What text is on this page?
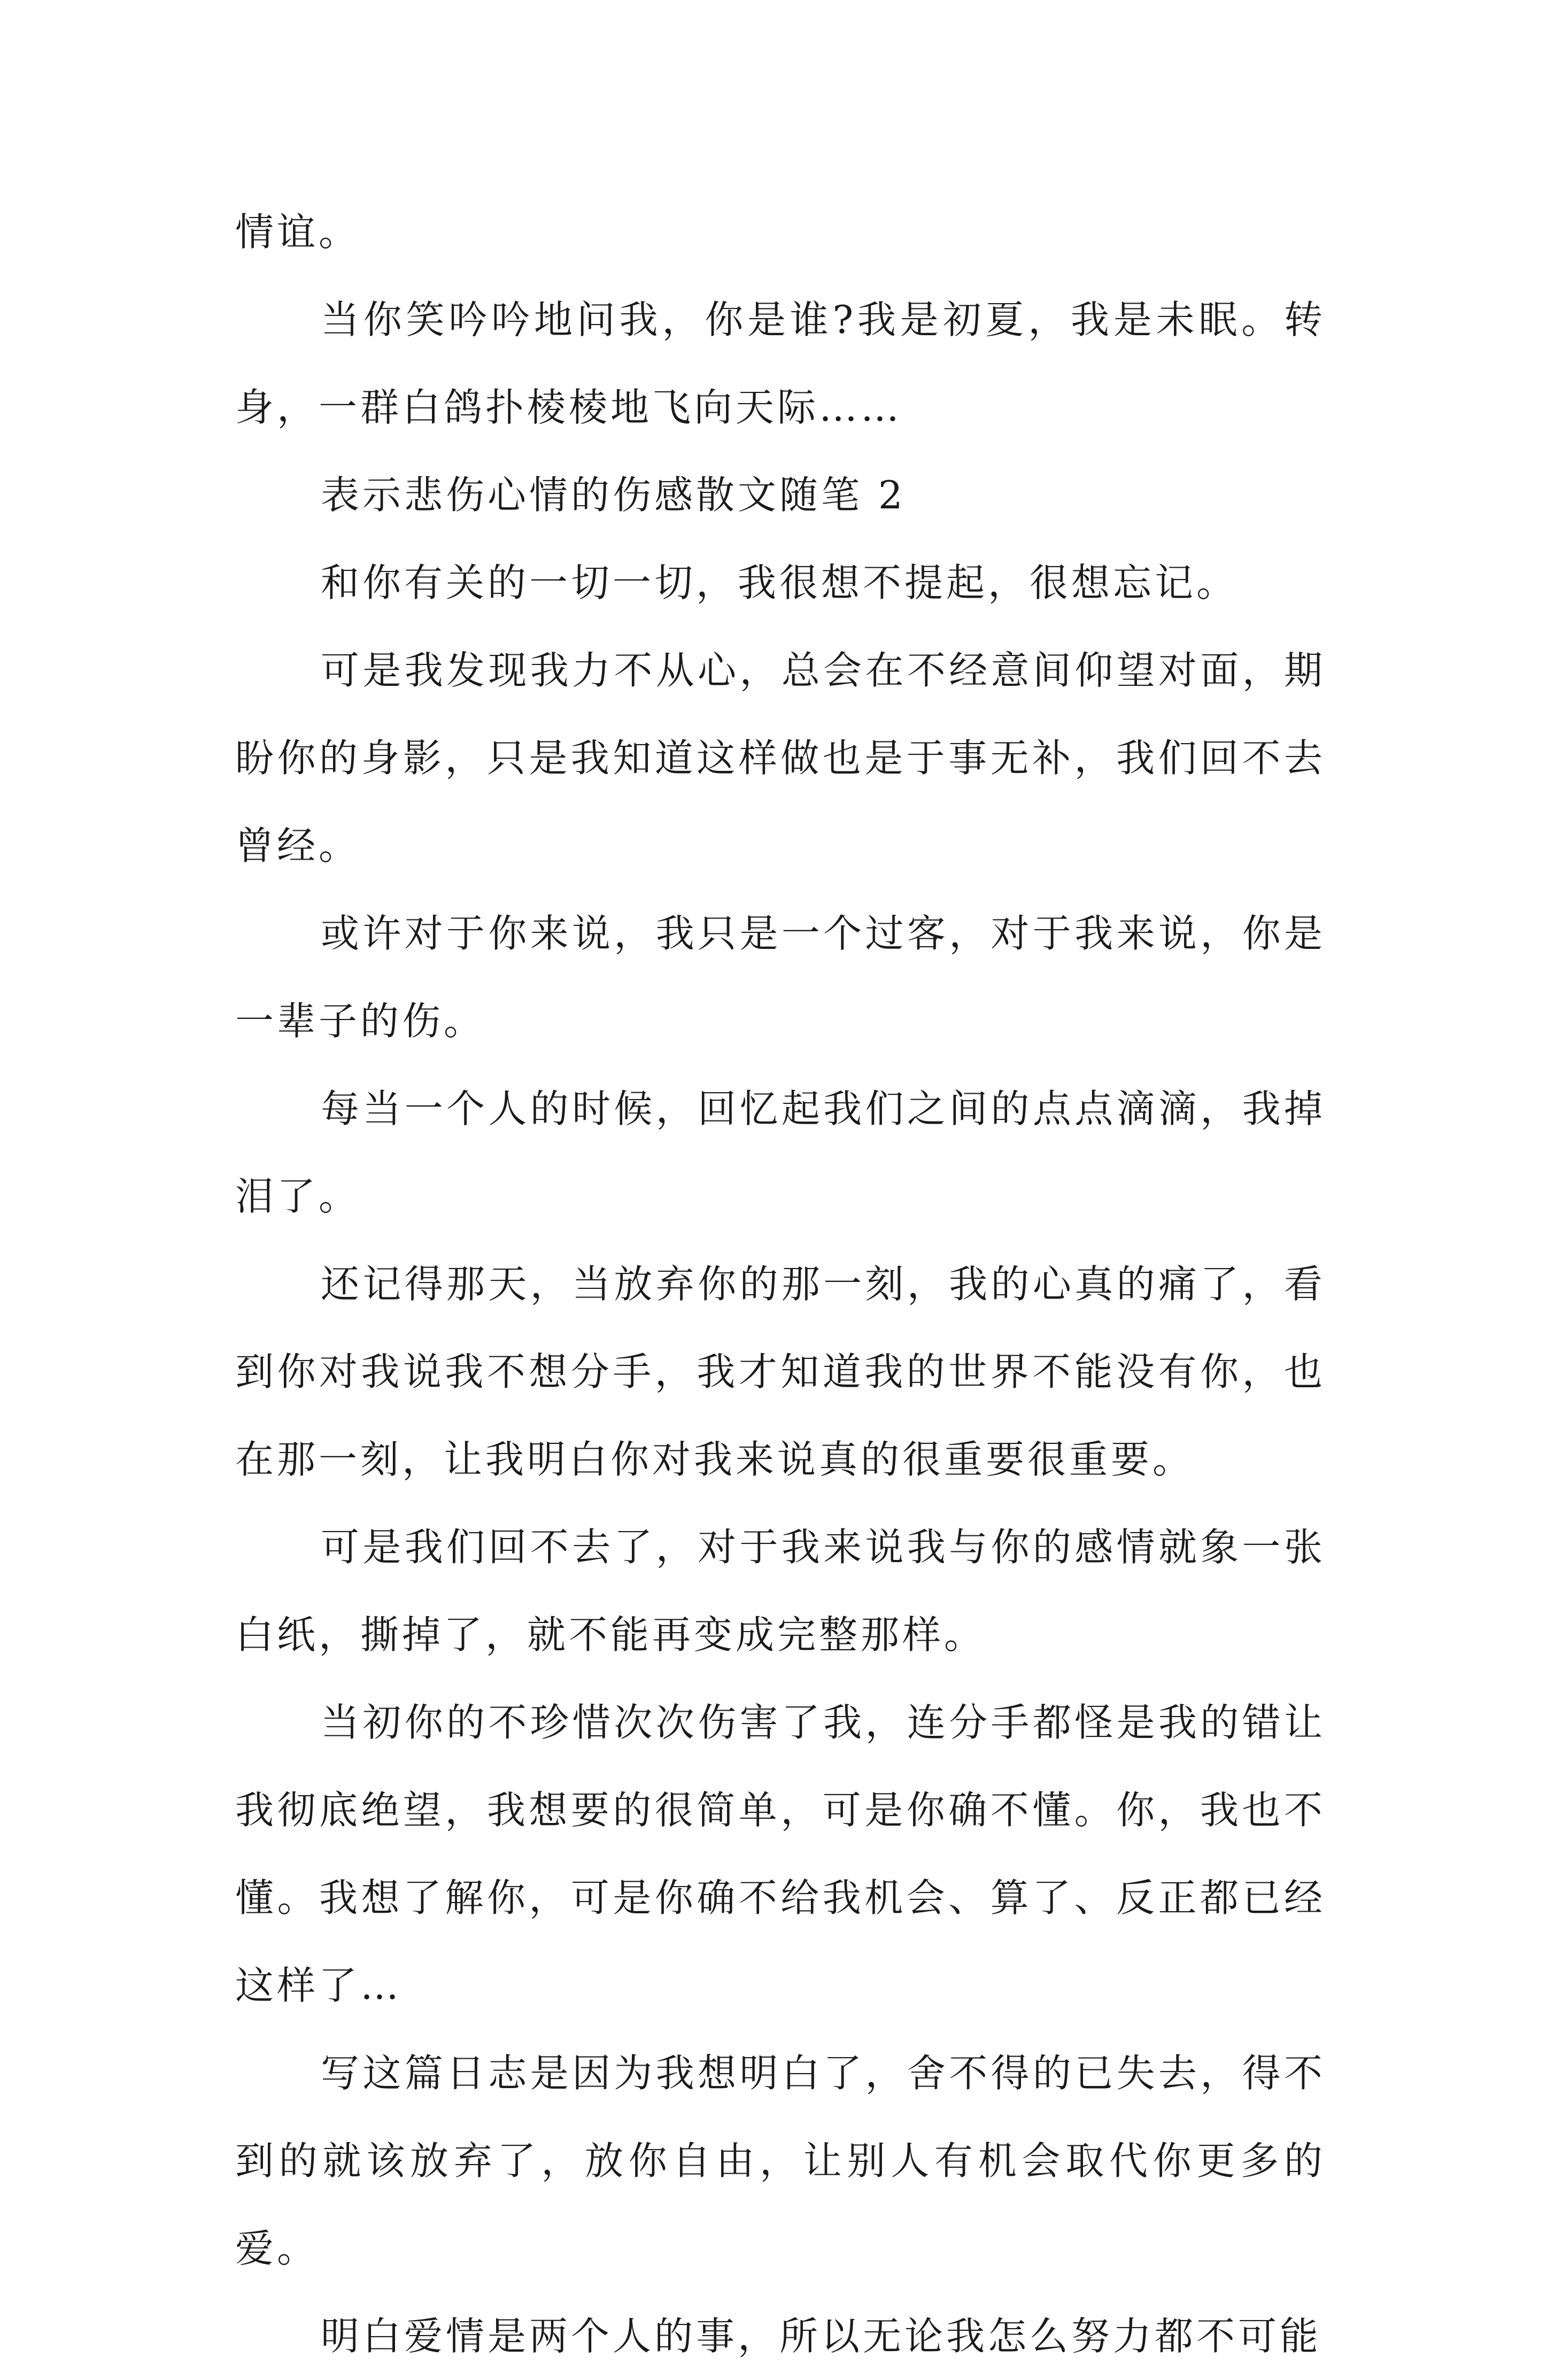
情谊。

当你笑吟吟地问我，你是谁?我是初夏，我是未眠。转身，一群白鸽扑棱棱地飞向天际……

表示悲伤心情的伤感散文随笔 2

和你有关的一切一切，我很想不提起，很想忘记。

可是我发现我力不从心，总会在不经意间仰望对面，期盼你的身影，只是我知道这样做也是于事无补，我们回不去曾经。

或许对于你来说，我只是一个过客，对于我来说，你是一辈子的伤。

每当一个人的时候，回忆起我们之间的点点滴滴，我掉泪了。

还记得那天，当放弃你的那一刻，我的心真的痛了，看到你对我说我不想分手，我才知道我的世界不能没有你，也在那一刻，让我明白你对我来说真的很重要很重要。

可是我们回不去了，对于我来说我与你的感情就象一张白纸，撕掉了，就不能再变成完整那样。

当初你的不珍惜次次伤害了我，连分手都怪是我的错让我彻底绝望，我想要的很简单，可是你确不懂。你，我也不懂。我想了解你，可是你确不给我机会、算了、反正都已经这样了…

写这篇日志是因为我想明白了，舍不得的已失去，得不到的就该放弃了，放你自由，让别人有机会取代你更多的爱。

明白爱情是两个人的事，所以无论我怎么努力都不可能
